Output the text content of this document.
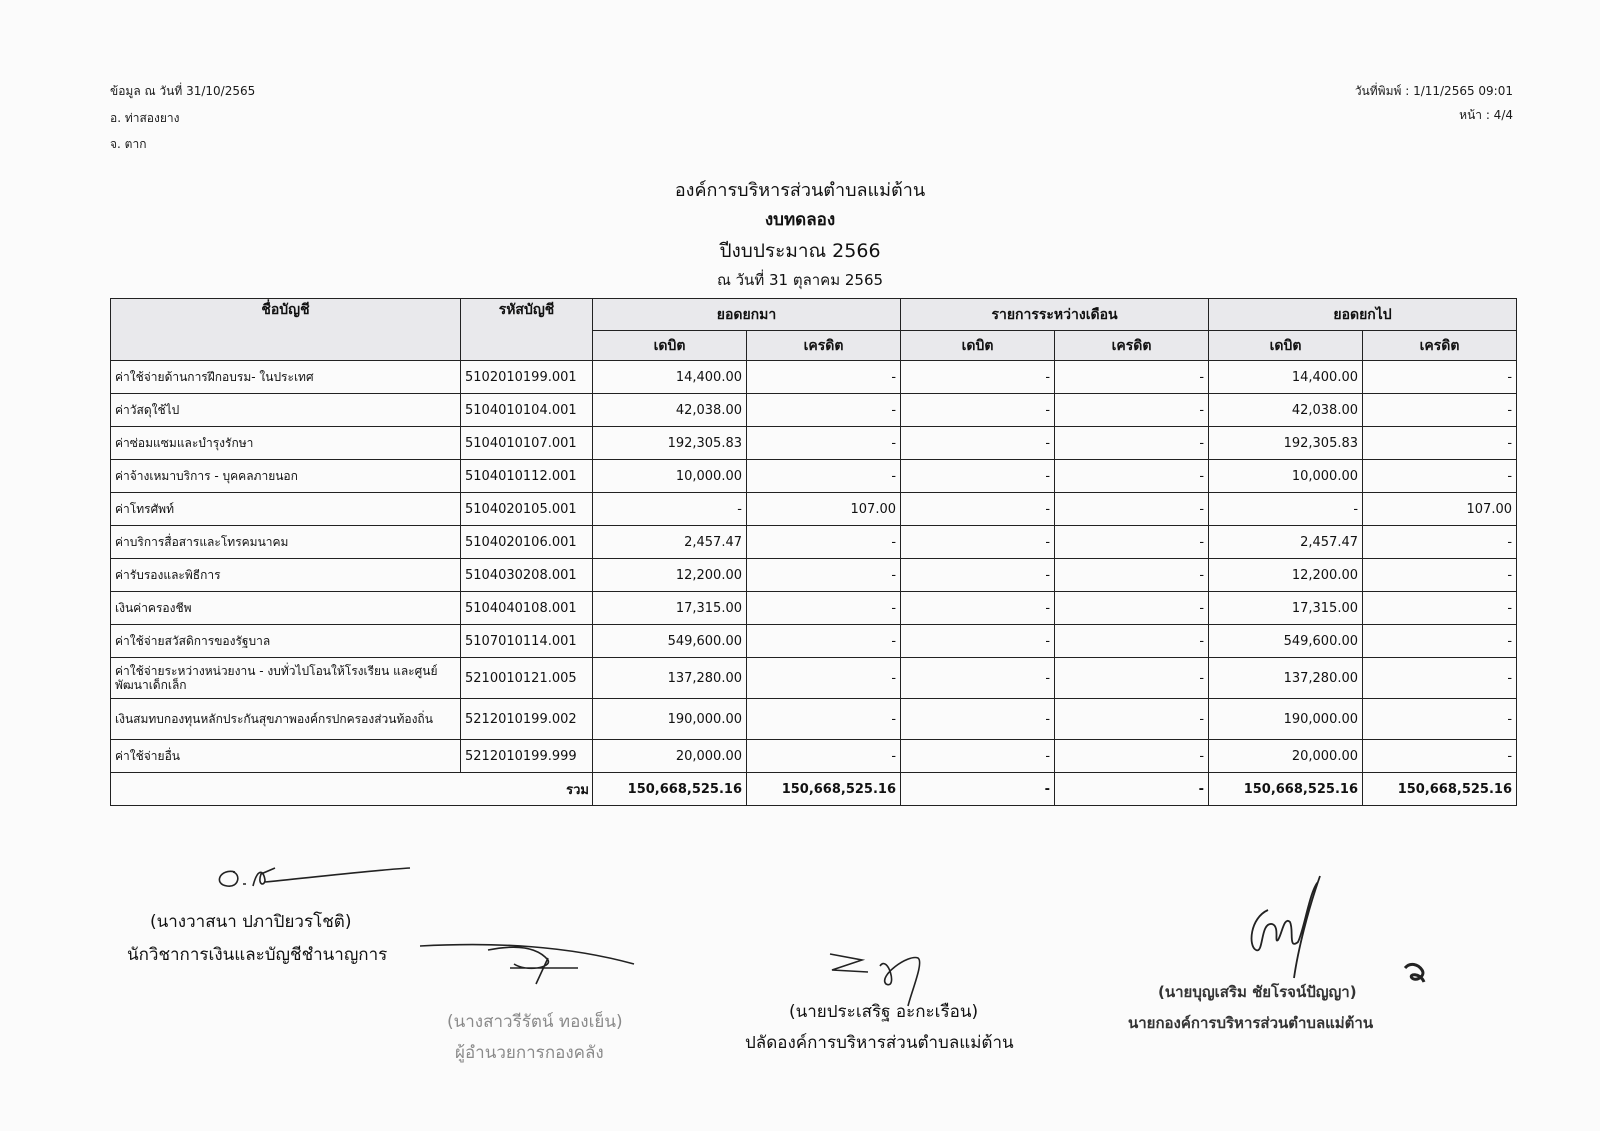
ข้อมูล ณ วันที่ 31/10/2565
อ. ท่าสองยาง
จ. ตาก
วันที่พิมพ์ : 1/11/2565 09:01
หน้า : 4/4
องค์การบริหารส่วนตำบลแม่ต้าน
งบทดลอง
ปีงบประมาณ 2566
ณ วันที่ 31 ตุลาคม 2565
ชื่อบัญชี	รหัสบัญชี	ยอดยกมา		รายการระหว่างเดือน		ยอดยกไป	
		เดบิต	เครดิต	เดบิต	เครดิต	เดบิต	เครดิต
ค่าใช้จ่ายด้านการฝึกอบรม- ในประเทศ	5102010199.001	14,400.00	-	-	-	14,400.00	-
ค่าวัสดุใช้ไป	5104010104.001	42,038.00	-	-	-	42,038.00	-
ค่าซ่อมแซมและบำรุงรักษา	5104010107.001	192,305.83	-	-	-	192,305.83	-
ค่าจ้างเหมาบริการ - บุคคลภายนอก	5104010112.001	10,000.00	-	-	-	10,000.00	-
ค่าโทรศัพท์	5104020105.001	-	107.00	-	-	-	107.00
ค่าบริการสื่อสารและโทรคมนาคม	5104020106.001	2,457.47	-	-	-	2,457.47	-
ค่ารับรองและพิธีการ	5104030208.001	12,200.00	-	-	-	12,200.00	-
เงินค่าครองชีพ	5104040108.001	17,315.00	-	-	-	17,315.00	-
ค่าใช้จ่ายสวัสดิการของรัฐบาล	5107010114.001	549,600.00	-	-	-	549,600.00	-
ค่าใช้จ่ายระหว่างหน่วยงาน - งบทั่วไปโอนให้โรงเรียน และศูนย์พัฒนาเด็กเล็ก	5210010121.005	137,280.00	-	-	-	137,280.00	-
เงินสมทบกองทุนหลักประกันสุขภาพองค์กรปกครองส่วนท้องถิ่น	5212010199.002	190,000.00	-	-	-	190,000.00	-
ค่าใช้จ่ายอื่น	5212010199.999	20,000.00	-	-	-	20,000.00	-
รวม		150,668,525.16	150,668,525.16	-	-	150,668,525.16	150,668,525.16
(นางวาสนา ปภาปิยวรโชติ)
นักวิชาการเงินและบัญชีชำนาญการ
(นางสาวรีรัตน์ ทองเย็น)
ผู้อำนวยการกองคลัง
(นายประเสริฐ อะกะเรือน)
ปลัดองค์การบริหารส่วนตำบลแม่ต้าน
(นายบุญเสริม ชัยโรจน์ปัญญา)
นายกองค์การบริหารส่วนตำบลแม่ต้าน
